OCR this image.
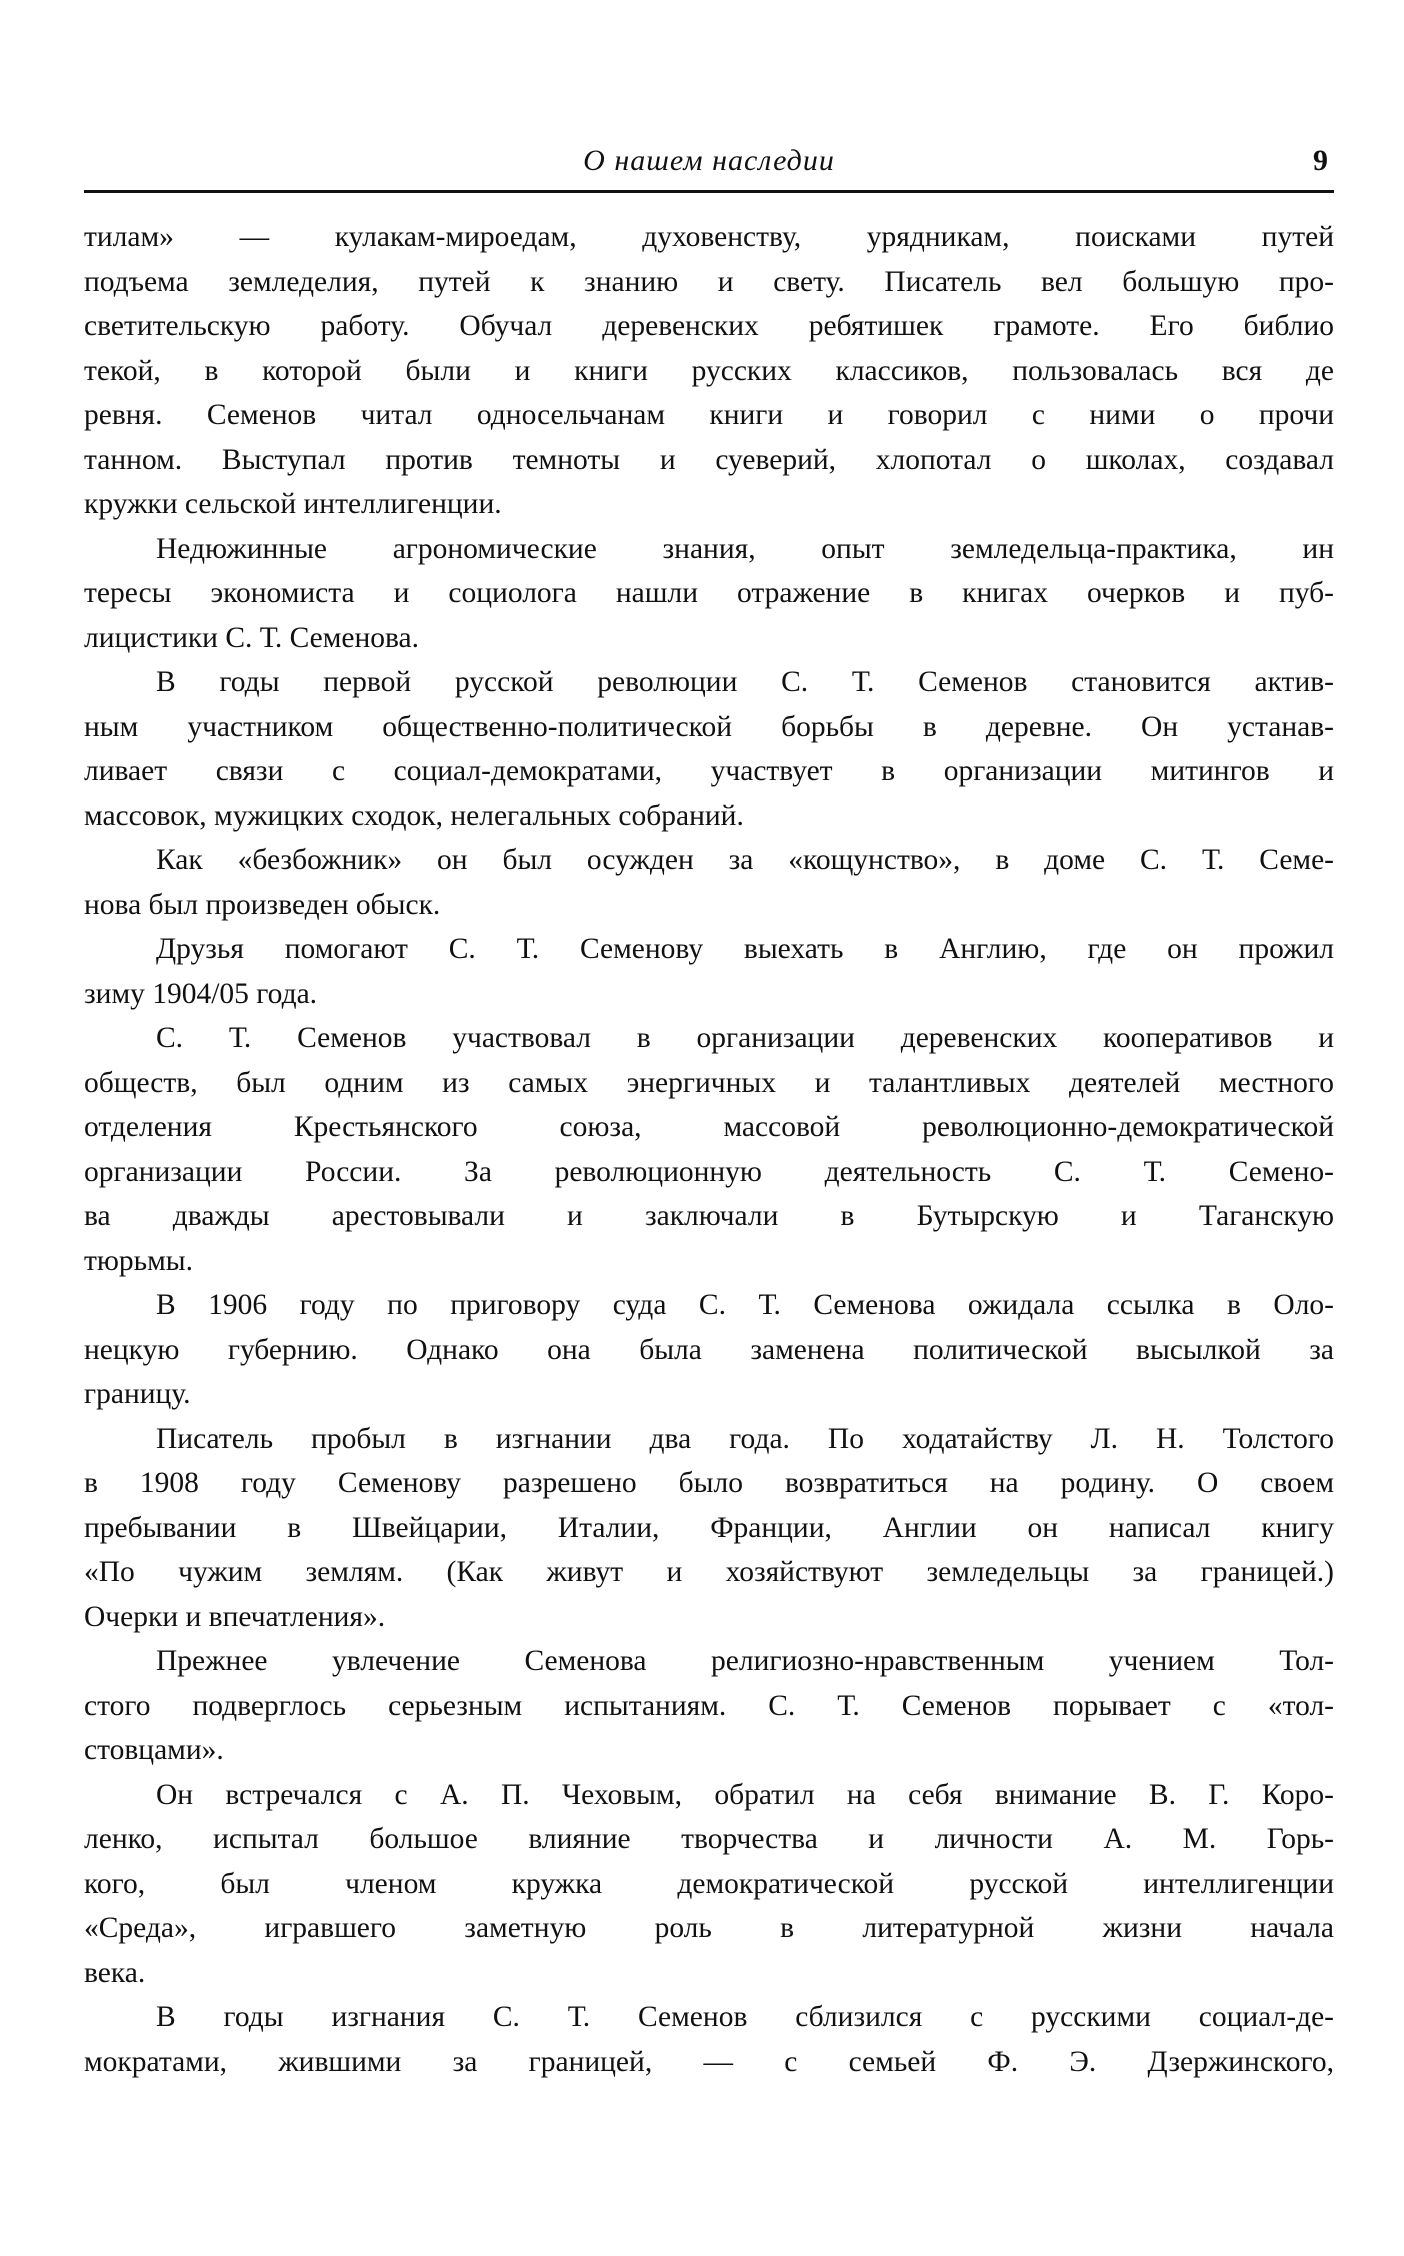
О нашем наследии	9
тилам» — кулакам-мироедам, духовенству, урядникам, поисками путей
подъема земледелия, путей к знанию и свету. Писатель вел большую про-
светительскую работу. Обучал деревенских ребятишек грамоте. Его библио
текой, в которой были и книги русских классиков, пользовалась вся де
ревня. Семенов читал односельчанам книги и говорил с ними о прочи
танном. Выступал против темноты и суеверий, хлопотал о школах, создавал
кружки сельской интеллигенции.
Недюжинные агрономические знания, опыт земледельца-практика, ин
тересы экономиста и социолога нашли отражение в книгах очерков и пуб-
лицистики С. Т. Семенова.
В годы первой русской революции С. Т. Семенов становится актив-
ным участником общественно-политической борьбы в деревне. Он устанав-
ливает связи с социал-демократами, участвует в организации митингов и
массовок, мужицких сходок, нелегальных собраний.
Как «безбожник» он был осужден за «кощунство», в доме С. Т. Семе-
нова был произведен обыск.
Друзья помогают С. Т. Семенову выехать в Англию, где он прожил
зиму 1904/05 года.
С. Т. Семенов участвовал в организации деревенских кооперативов и
обществ, был одним из самых энергичных и талантливых деятелей местного
отделения Крестьянского союза, массовой революционно-демократической
организации России. За революционную деятельность С. Т. Семено-
ва дважды арестовывали и заключали в Бутырскую и Таганскую
тюрьмы.
В 1906 году по приговору суда С. Т. Семенова ожидала ссылка в Оло-
нецкую губернию. Однако она была заменена политической высылкой за
границу.
Писатель пробыл в изгнании два года. По ходатайству Л. Н. Толстого
в 1908 году Семенову разрешено было возвратиться на родину. О своем
пребывании в Швейцарии, Италии, Франции, Англии он написал книгу
«По чужим землям. (Как живут и хозяйствуют земледельцы за границей.)
Очерки и впечатления».
Прежнее увлечение Семенова религиозно-нравственным учением Тол-
стого подверглось серьезным испытаниям. С. Т. Семенов порывает с «тол-
стовцами».
Он встречался с А. П. Чеховым, обратил на себя внимание В. Г. Коро-
ленко, испытал большое влияние творчества и личности А. М. Горь-
кого, был членом кружка демократической русской интеллигенции
«Среда», игравшего заметную роль в литературной жизни начала
века.
В годы изгнания С. Т. Семенов сблизился с русскими социал-де-
мократами, жившими за границей, — с семьей Ф. Э. Дзержинского,
